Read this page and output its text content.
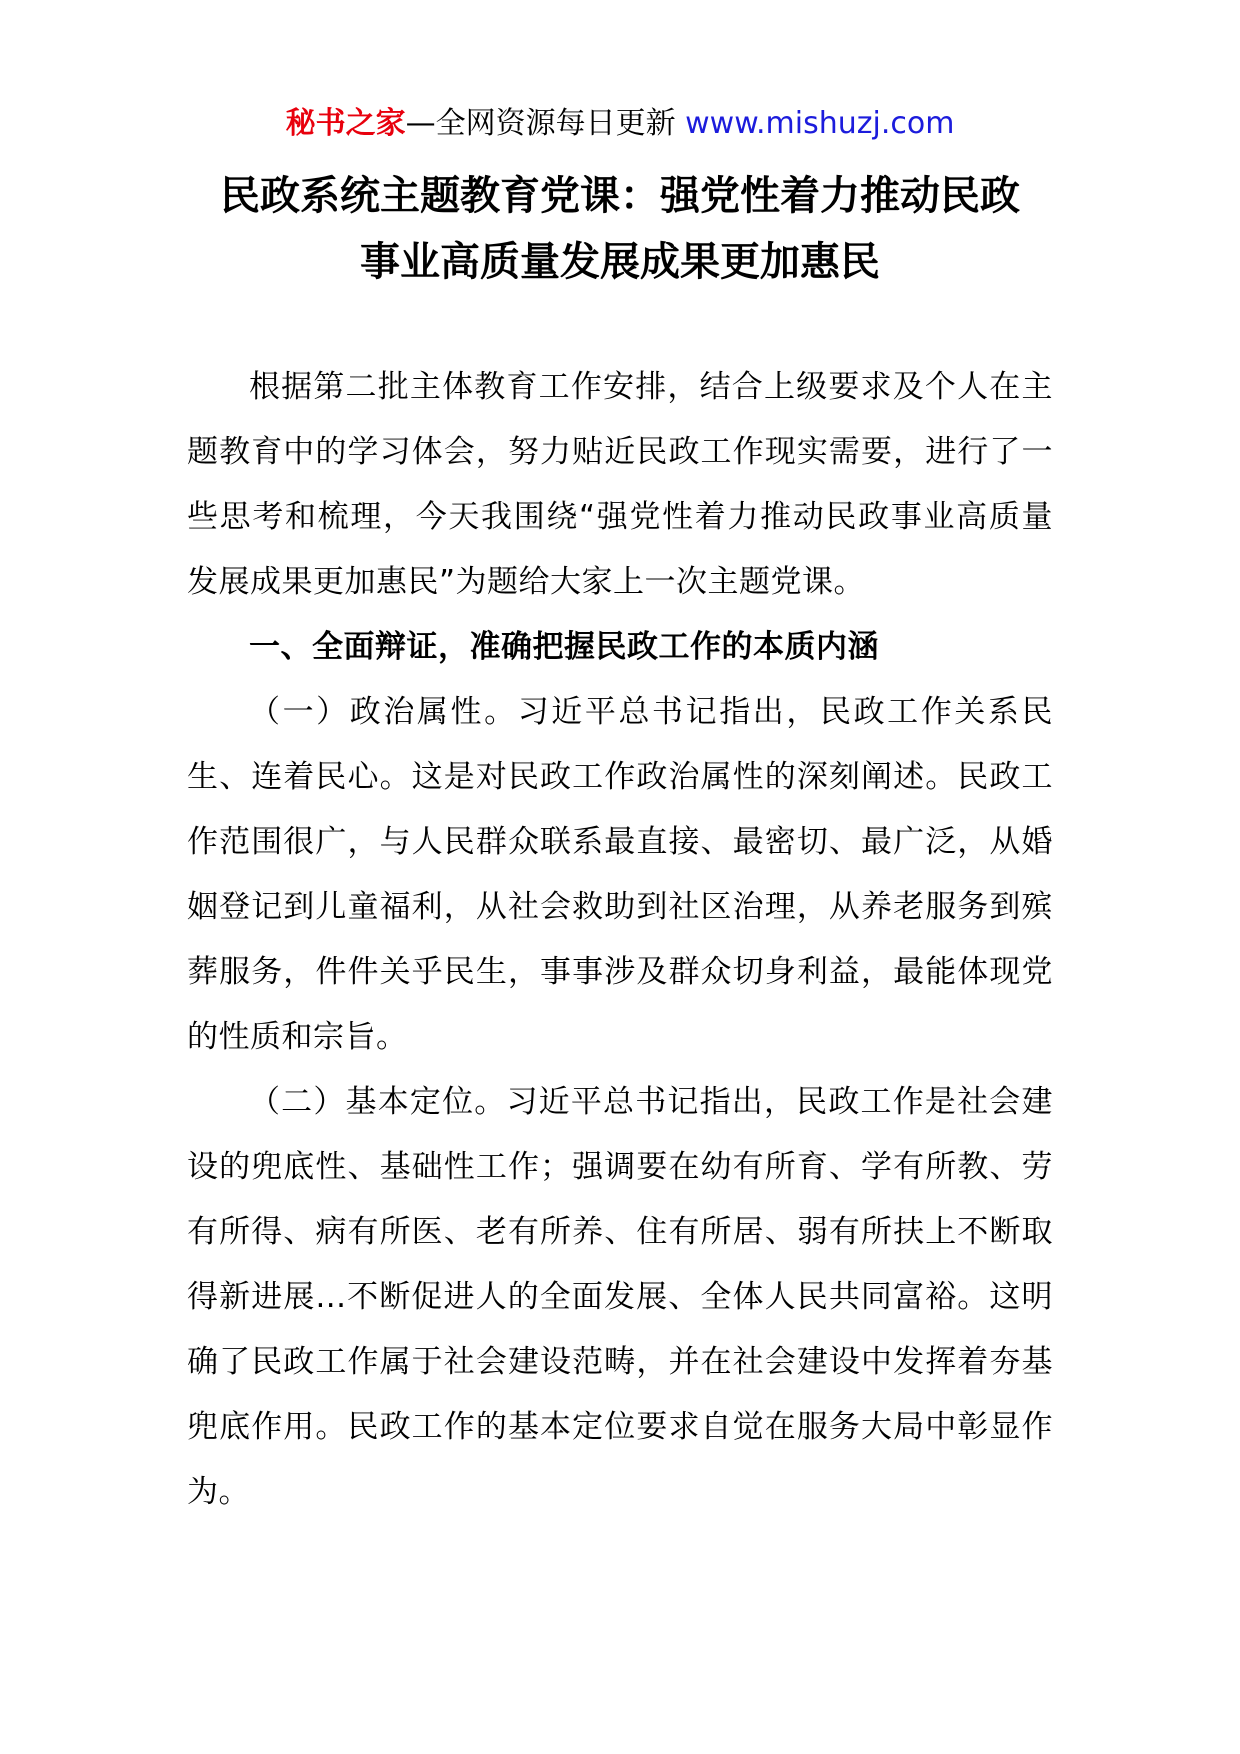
秘书之家—全网资源每日更新 www.mishuzj.com
民政系统主题教育党课：强党性着力推动民政
事业高质量发展成果更加惠民

根据第二批主体教育工作安排，结合上级要求及个人在主题教育中的学习体会，努力贴近民政工作现实需要，进行了一些思考和梳理，今天我围绕“强党性着力推动民政事业高质量发展成果更加惠民”为题给大家上一次主题党课。

一、全面辩证，准确把握民政工作的本质内涵

（一）政治属性。习近平总书记指出，民政工作关系民生、连着民心。这是对民政工作政治属性的深刻阐述。民政工作范围很广，与人民群众联系最直接、最密切、最广泛，从婚姻登记到儿童福利，从社会救助到社区治理，从养老服务到殡葬服务，件件关乎民生，事事涉及群众切身利益，最能体现党的性质和宗旨。

（二）基本定位。习近平总书记指出，民政工作是社会建设的兜底性、基础性工作；强调要在幼有所育、学有所教、劳有所得、病有所医、老有所养、住有所居、弱有所扶上不断取得新进展...不断促进人的全面发展、全体人民共同富裕。这明确了民政工作属于社会建设范畴，并在社会建设中发挥着夯基兜底作用。民政工作的基本定位要求自觉在服务大局中彰显作为。
